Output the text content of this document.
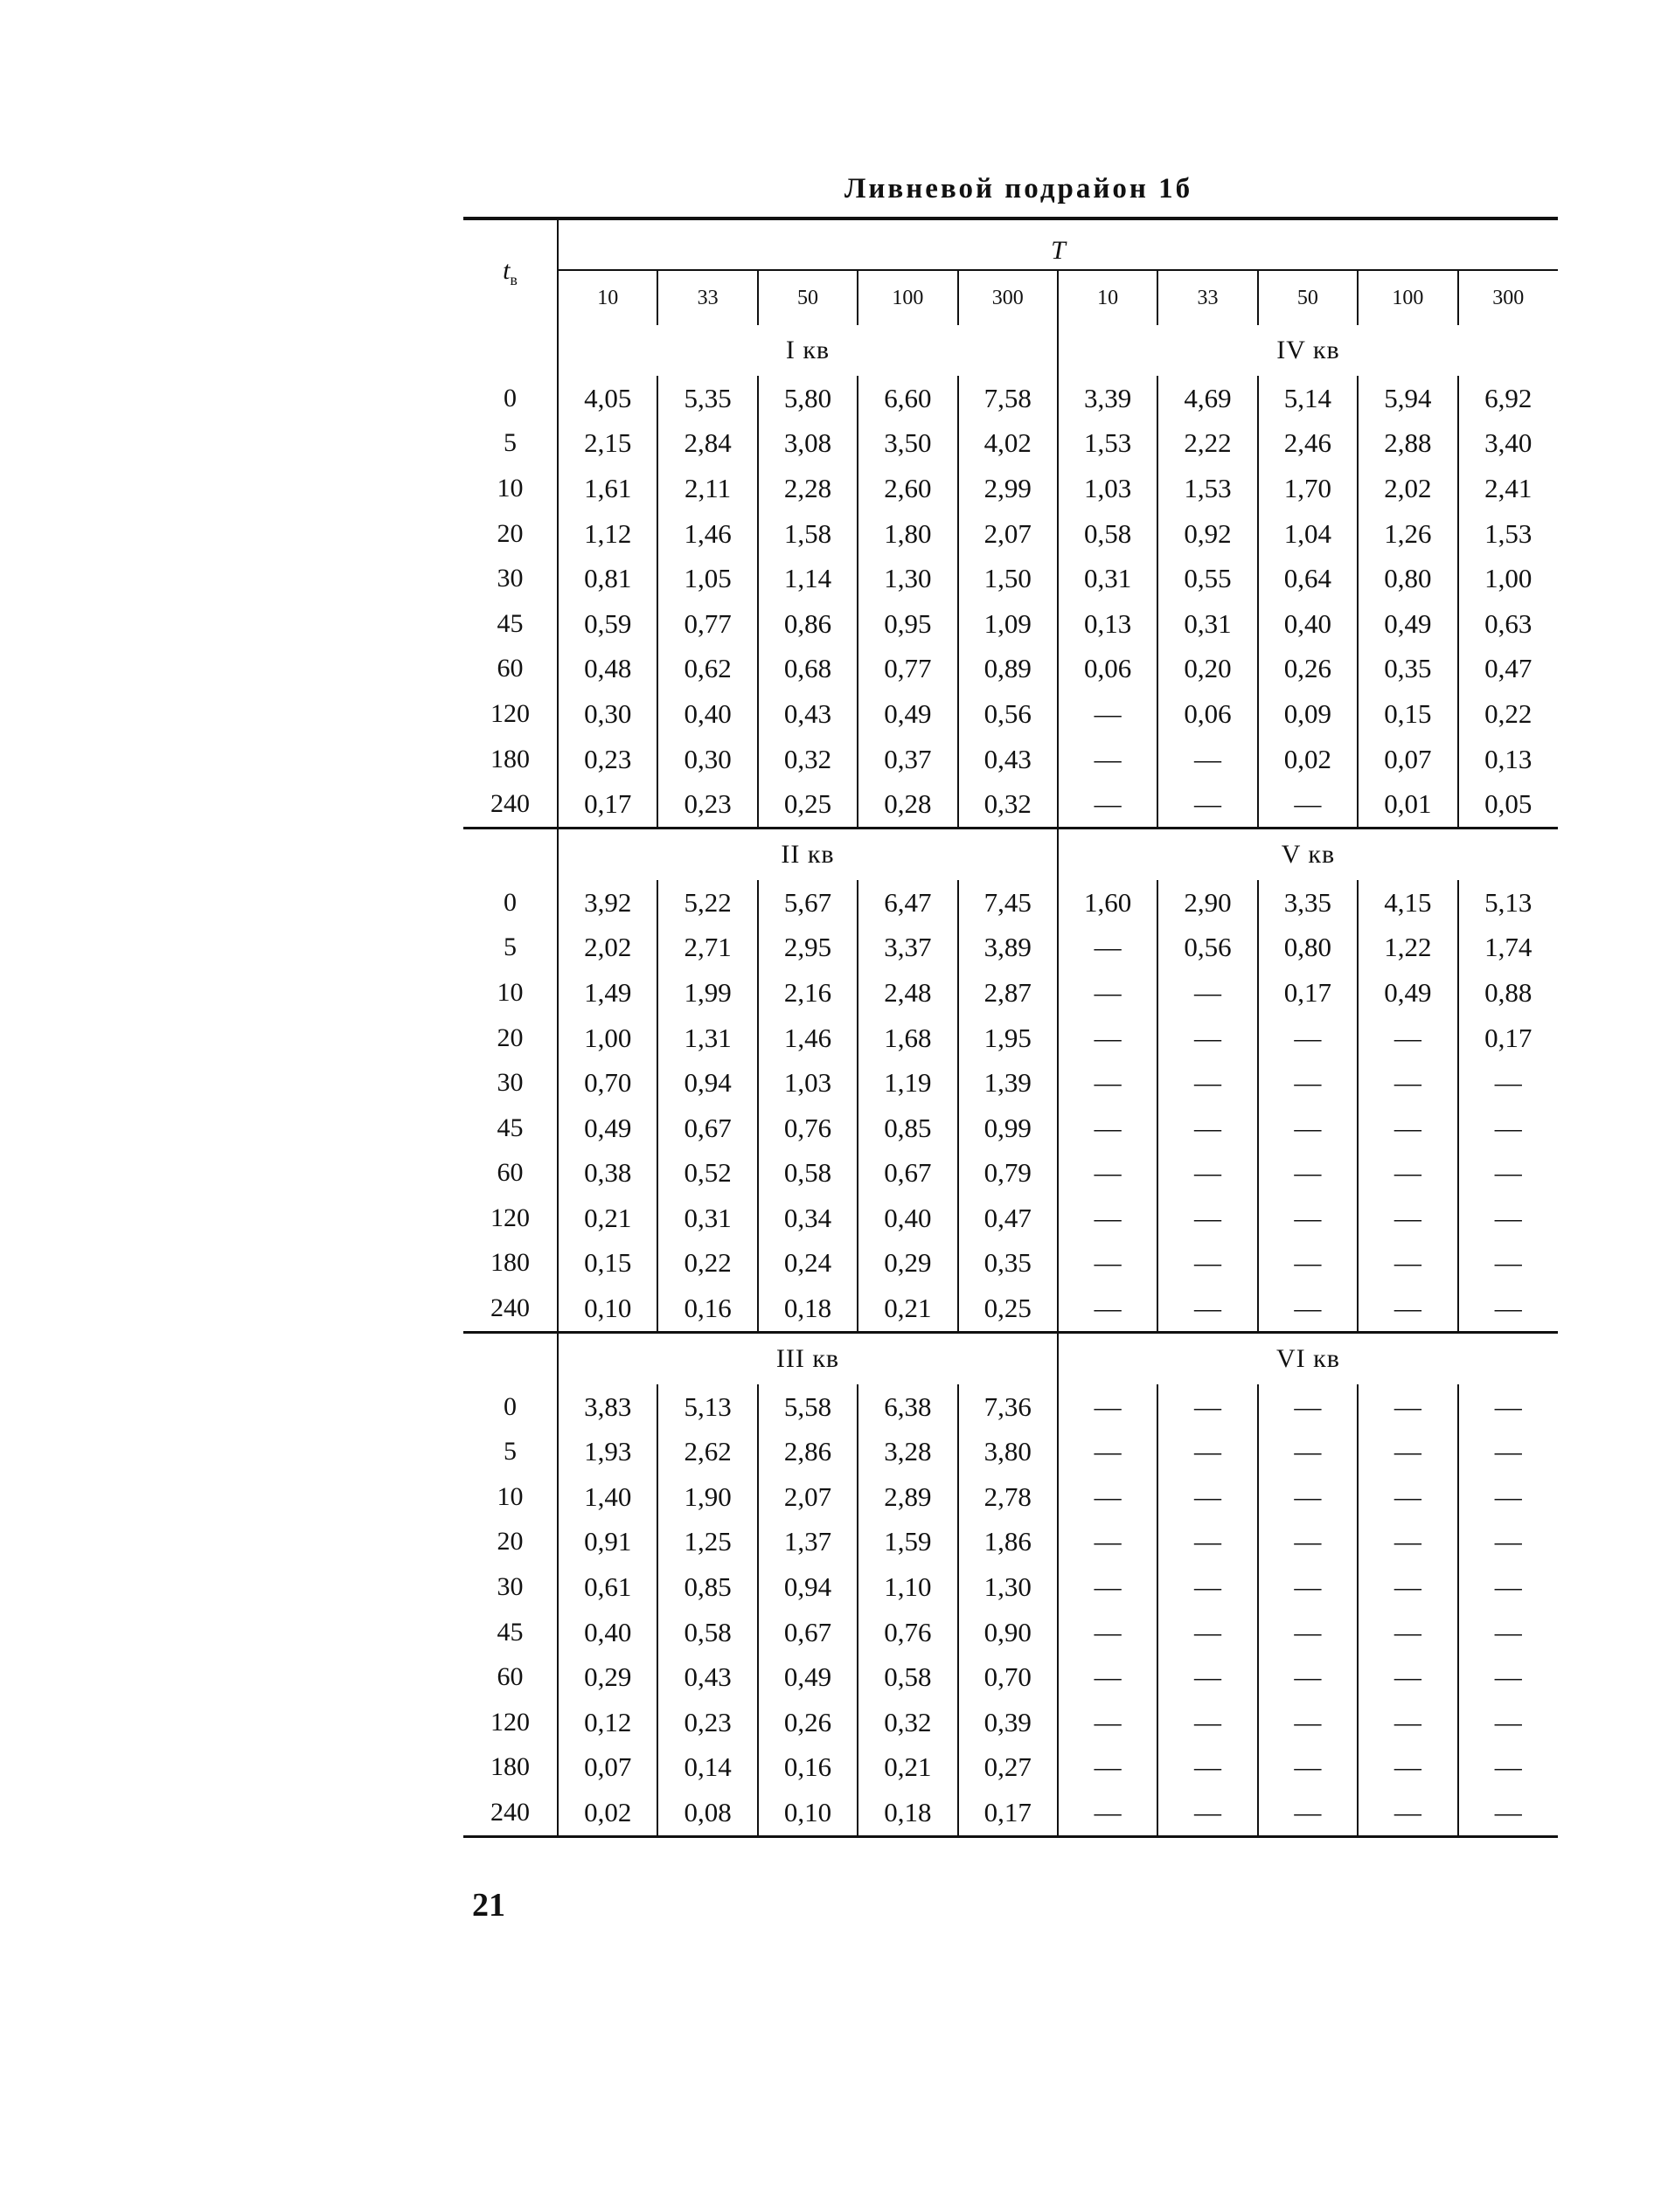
Ливневой подрайон 1б
$t_в$	T									
	10	33	50	100	300	10	33	50	100	300
	I кв					IV кв				
0	4,05	5,35	5,80	6,60	7,58	3,39	4,69	5,14	5,94	6,92
5	2,15	2,84	3,08	3,50	4,02	1,53	2,22	2,46	2,88	3,40
10	1,61	2,11	2,28	2,60	2,99	1,03	1,53	1,70	2,02	2,41
20	1,12	1,46	1,58	1,80	2,07	0,58	0,92	1,04	1,26	1,53
30	0,81	1,05	1,14	1,30	1,50	0,31	0,55	0,64	0,80	1,00
45	0,59	0,77	0,86	0,95	1,09	0,13	0,31	0,40	0,49	0,63
60	0,48	0,62	0,68	0,77	0,89	0,06	0,20	0,26	0,35	0,47
120	0,30	0,40	0,43	0,49	0,56	—	0,06	0,09	0,15	0,22
180	0,23	0,30	0,32	0,37	0,43	—	—	0,02	0,07	0,13
240	0,17	0,23	0,25	0,28	0,32	—	—	—	0,01	0,05
	II кв					V кв				
0	3,92	5,22	5,67	6,47	7,45	1,60	2,90	3,35	4,15	5,13
5	2,02	2,71	2,95	3,37	3,89	—	0,56	0,80	1,22	1,74
10	1,49	1,99	2,16	2,48	2,87	—	—	0,17	0,49	0,88
20	1,00	1,31	1,46	1,68	1,95	—	—	—	—	0,17
30	0,70	0,94	1,03	1,19	1,39	—	—	—	—	—
45	0,49	0,67	0,76	0,85	0,99	—	—	—	—	—
60	0,38	0,52	0,58	0,67	0,79	—	—	—	—	—
120	0,21	0,31	0,34	0,40	0,47	—	—	—	—	—
180	0,15	0,22	0,24	0,29	0,35	—	—	—	—	—
240	0,10	0,16	0,18	0,21	0,25	—	—	—	—	—
	III кв					VI кв				
0	3,83	5,13	5,58	6,38	7,36	—	—	—	—	—
5	1,93	2,62	2,86	3,28	3,80	—	—	—	—	—
10	1,40	1,90	2,07	2,89	2,78	—	—	—	—	—
20	0,91	1,25	1,37	1,59	1,86	—	—	—	—	—
30	0,61	0,85	0,94	1,10	1,30	—	—	—	—	—
45	0,40	0,58	0,67	0,76	0,90	—	—	—	—	—
60	0,29	0,43	0,49	0,58	0,70	—	—	—	—	—
120	0,12	0,23	0,26	0,32	0,39	—	—	—	—	—
180	0,07	0,14	0,16	0,21	0,27	—	—	—	—	—
240	0,02	0,08	0,10	0,18	0,17	—	—	—	—	—
21
